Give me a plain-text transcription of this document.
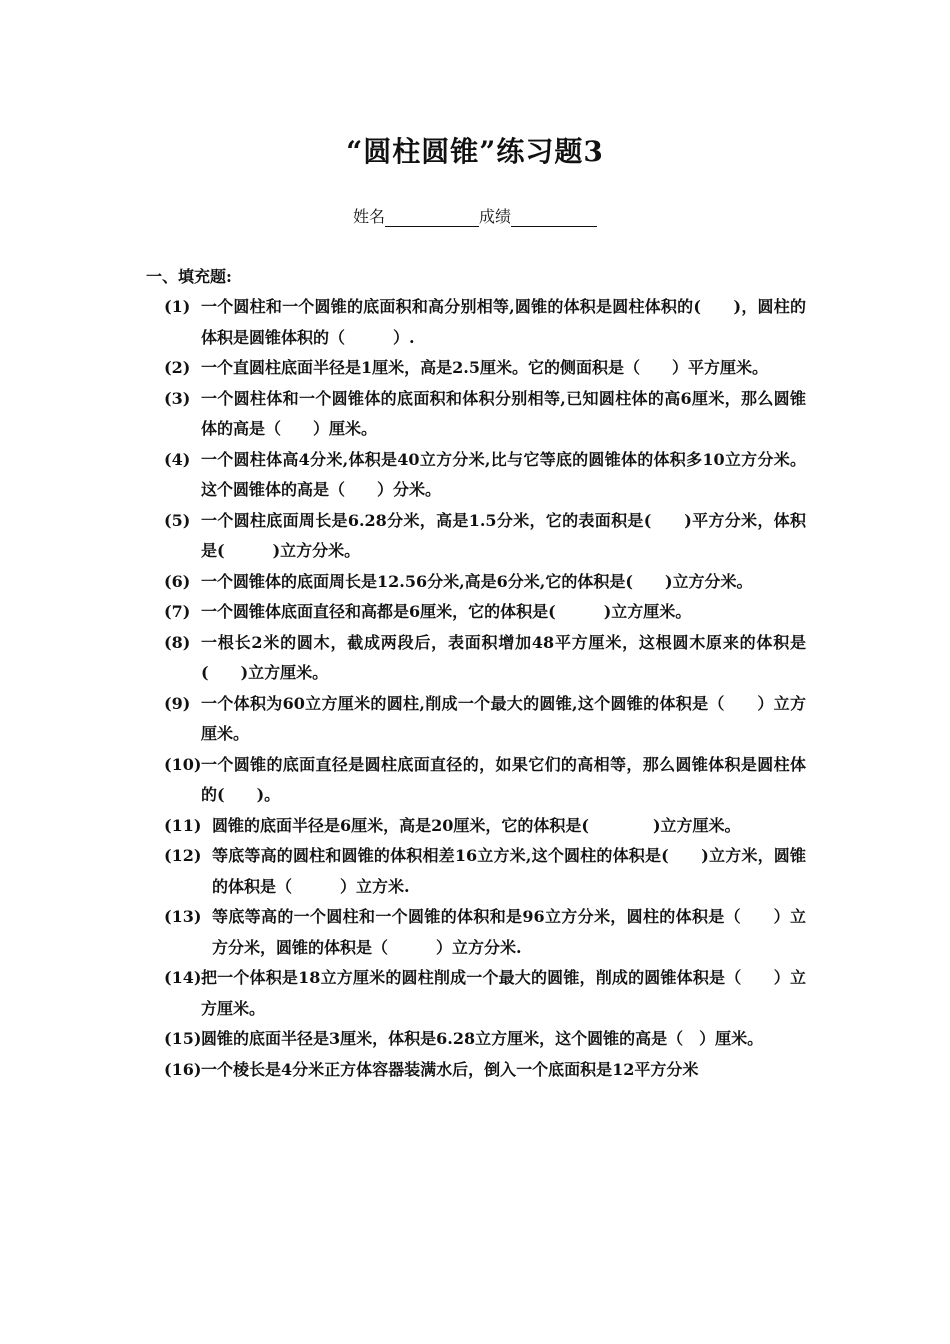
“圆柱圆锥”练习题3
姓名	成绩
一、填充题:
(1) 一个圆柱和一个圆锥的底面积和高分别相等,圆锥的体积是圆柱体积的(　　)，圆柱的体积是圆锥体积的（　　　）.
(2) 一个直圆柱底面半径是1厘米，高是2.5厘米。它的侧面积是（　　）平方厘米。
(3) 一个圆柱体和一个圆锥体的底面积和体积分别相等,已知圆柱体的高6厘米，那么圆锥体的高是（　　）厘米。
(4) 一个圆柱体高4分米,体积是40立方分米,比与它等底的圆锥体的体积多10立方分米。这个圆锥体的高是（　　）分米。
(5) 一个圆柱底面周长是6.28分米，高是1.5分米，它的表面积是(　　)平方分米，体积是(　　　)立方分米。
(6) 一个圆锥体的底面周长是12.56分米,高是6分米,它的体积是(　　)立方分米。
(7) 一个圆锥体底面直径和高都是6厘米，它的体积是(　　　)立方厘米。
(8) 一根长2米的圆木，截成两段后，表面积增加48平方厘米，这根圆木原来的体积是(　　)立方厘米。
(9) 一个体积为60立方厘米的圆柱,削成一个最大的圆锥,这个圆锥的体积是（　　）立方厘米。
(10) 一个圆锥的底面直径是圆柱底面直径的，如果它们的高相等，那么圆锥体积是圆柱体的(　　)。
(11) 圆锥的底面半径是6厘米，高是20厘米，它的体积是(　　　　)立方厘米。
(12) 等底等高的圆柱和圆锥的体积相差16立方米,这个圆柱的体积是(　　)立方米，圆锥的体积是（　　　）立方米.
(13) 等底等高的一个圆柱和一个圆锥的体积和是96立方分米，圆柱的体积是（　　）立方分米，圆锥的体积是（　　　）立方分米.
(14) 把一个体积是18立方厘米的圆柱削成一个最大的圆锥，削成的圆锥体积是（　　）立方厘米。
(15) 圆锥的底面半径是3厘米，体积是6.28立方厘米，这个圆锥的高是（　）厘米。
(16) 一个棱长是4分米正方体容器装满水后，倒入一个底面积是12平方分米
